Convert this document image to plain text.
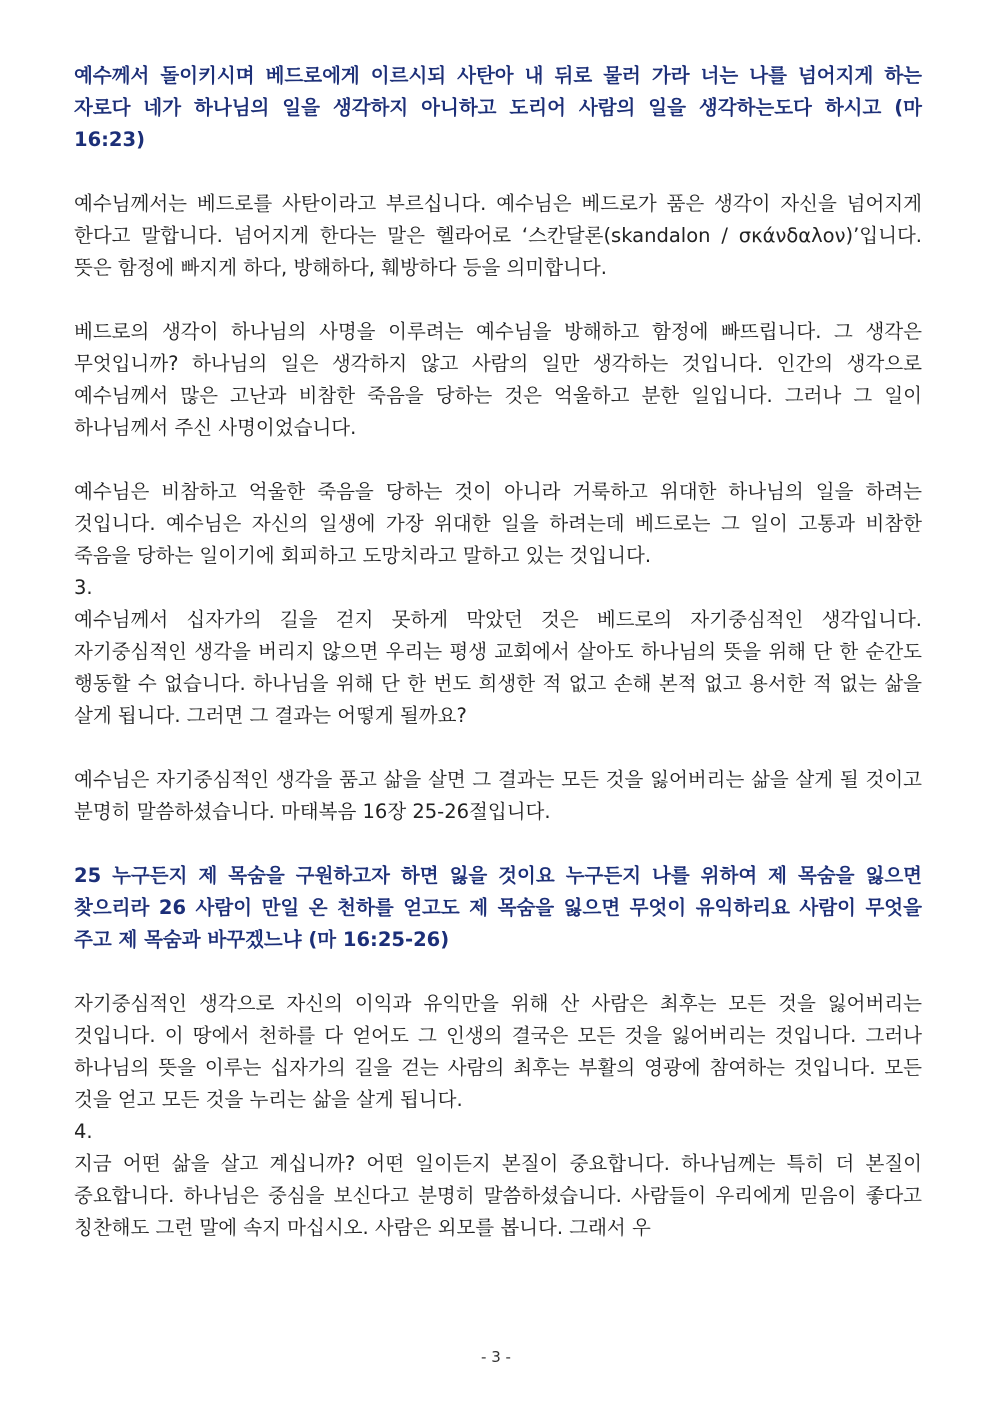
예수께서 돌이키시며 베드로에게 이르시되 사탄아 내 뒤로 물러 가라 너는 나를 넘어지게 하는 자로다 네가 하나님의 일을 생각하지 아니하고 도리어 사람의 일을 생각하는도다 하시고 (마 16:23)

예수님께서는 베드로를 사탄이라고 부르십니다. 예수님은 베드로가 품은 생각이 자신을 넘어지게 한다고 말합니다. 넘어지게 한다는 말은 헬라어로 ‘스칸달론(skandalon / σκάνδαλον)’입니다. 뜻은 함정에 빠지게 하다, 방해하다, 훼방하다 등을 의미합니다.

베드로의 생각이 하나님의 사명을 이루려는 예수님을 방해하고 함정에 빠뜨립니다. 그 생각은 무엇입니까? 하나님의 일은 생각하지 않고 사람의 일만 생각하는 것입니다. 인간의 생각으로 예수님께서 많은 고난과 비참한 죽음을 당하는 것은 억울하고 분한 일입니다. 그러나 그 일이 하나님께서 주신 사명이었습니다.

예수님은 비참하고 억울한 죽음을 당하는 것이 아니라 거룩하고 위대한 하나님의 일을 하려는 것입니다. 예수님은 자신의 일생에 가장 위대한 일을 하려는데 베드로는 그 일이 고통과 비참한 죽음을 당하는 일이기에 회피하고 도망치라고 말하고 있는 것입니다.

3.

예수님께서 십자가의 길을 걷지 못하게 막았던 것은 베드로의 자기중심적인 생각입니다. 자기중심적인 생각을 버리지 않으면 우리는 평생 교회에서 살아도 하나님의 뜻을 위해 단 한 순간도 행동할 수 없습니다. 하나님을 위해 단 한 번도 희생한 적 없고 손해 본적 없고 용서한 적 없는 삶을 살게 됩니다. 그러면 그 결과는 어떻게 될까요?

예수님은 자기중심적인 생각을 품고 삶을 살면 그 결과는 모든 것을 잃어버리는 삶을 살게 될 것이고 분명히 말씀하셨습니다. 마태복음 16장 25-26절입니다.

25 누구든지 제 목숨을 구원하고자 하면 잃을 것이요 누구든지 나를 위하여 제 목숨을 잃으면 찾으리라 26 사람이 만일 온 천하를 얻고도 제 목숨을 잃으면 무엇이 유익하리요 사람이 무엇을 주고 제 목숨과 바꾸겠느냐 (마 16:25-26)

자기중심적인 생각으로 자신의 이익과 유익만을 위해 산 사람은 최후는 모든 것을 잃어버리는 것입니다. 이 땅에서 천하를 다 얻어도 그 인생의 결국은 모든 것을 잃어버리는 것입니다. 그러나 하나님의 뜻을 이루는 십자가의 길을 걷는 사람의 최후는 부활의 영광에 참여하는 것입니다. 모든 것을 얻고 모든 것을 누리는 삶을 살게 됩니다.

4.

지금 어떤 삶을 살고 계십니까? 어떤 일이든지 본질이 중요합니다. 하나님께는 특히 더 본질이 중요합니다. 하나님은 중심을 보신다고 분명히 말씀하셨습니다. 사람들이 우리에게 믿음이 좋다고 칭찬해도 그런 말에 속지 마십시오. 사람은 외모를 봅니다. 그래서 우

- 3 -
